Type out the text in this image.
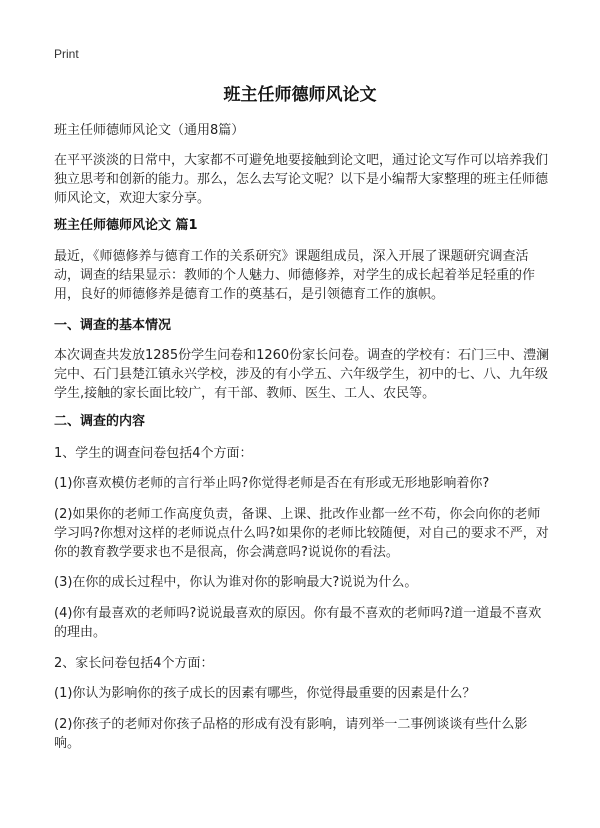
Print
班主任师德师风论文

班主任师德师风论文（通用8篇）

在平平淡淡的日常中，大家都不可避免地要接触到论文吧，通过论文写作可以培养我们独立思考和创新的能力。那么，怎么去写论文呢？以下是小编帮大家整理的班主任师德师风论文，欢迎大家分享。

班主任师德师风论文 篇1

最近，《师德修养与德育工作的关系研究》课题组成员，深入开展了课题研究调查活动，调查的结果显示：教师的个人魅力、师德修养，对学生的成长起着举足轻重的作用，良好的师德修养是德育工作的奠基石，是引领德育工作的旗帜。

一、调查的基本情况

本次调查共发放1285份学生问卷和1260份家长问卷。调查的学校有：石门三中、澧澜完中、石门县楚江镇永兴学校，涉及的有小学五、六年级学生，初中的七、八、九年级学生,接触的家长面比较广，有干部、教师、医生、工人、农民等。

二、调查的内容

1、学生的调查问卷包括4个方面：

(1)你喜欢模仿老师的言行举止吗?你觉得老师是否在有形或无形地影响着你?

(2)如果你的老师工作高度负责，备课、上课、批改作业都一丝不苟，你会向你的老师学习吗?你想对这样的老师说点什么吗?如果你的老师比较随便，对自己的要求不严，对你的教育教学要求也不是很高，你会满意吗?说说你的看法。

(3)在你的成长过程中，你认为谁对你的影响最大?说说为什么。

(4)你有最喜欢的老师吗?说说最喜欢的原因。你有最不喜欢的老师吗?道一道最不喜欢的理由。

2、家长问卷包括4个方面：

(1)你认为影响你的孩子成长的因素有哪些，你觉得最重要的因素是什么？

(2)你孩子的老师对你孩子品格的形成有没有影响，请列举一二事例谈谈有些什么影响。
